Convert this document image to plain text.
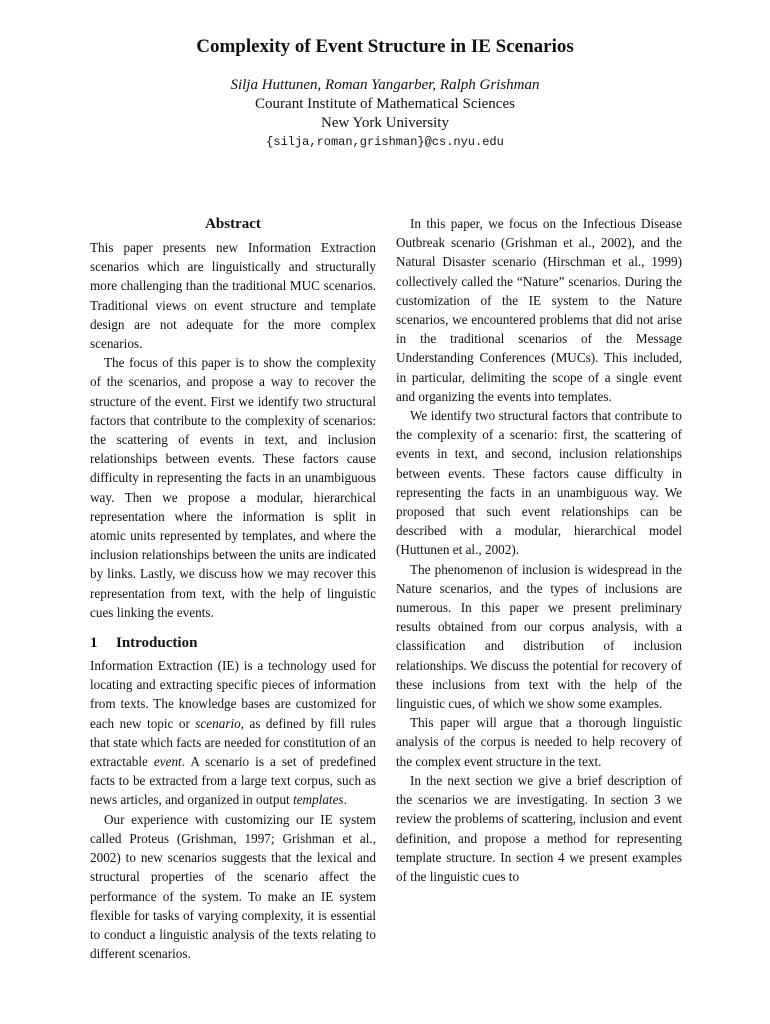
Complexity of Event Structure in IE Scenarios
Silja Huttunen, Roman Yangarber, Ralph Grishman
Courant Institute of Mathematical Sciences
New York University
{silja,roman,grishman}@cs.nyu.edu
Abstract

This paper presents new Information Extraction scenarios which are linguistically and structurally more challenging than the traditional MUC scenarios. Traditional views on event structure and template design are not adequate for the more complex scenarios.

The focus of this paper is to show the complexity of the scenarios, and propose a way to recover the structure of the event. First we identify two structural factors that contribute to the complexity of scenarios: the scattering of events in text, and inclusion relationships between events. These factors cause difficulty in representing the facts in an unambiguous way. Then we propose a modular, hierarchical representation where the information is split in atomic units represented by templates, and where the inclusion relationships between the units are indicated by links. Lastly, we discuss how we may recover this representation from text, with the help of linguistic cues linking the events.

1 Introduction

Information Extraction (IE) is a technology used for locating and extracting specific pieces of information from texts. The knowledge bases are customized for each new topic or scenario, as defined by fill rules that state which facts are needed for constitution of an extractable event. A scenario is a set of predefined facts to be extracted from a large text corpus, such as news articles, and organized in output templates.

Our experience with customizing our IE system called Proteus (Grishman, 1997; Grishman et al., 2002) to new scenarios suggests that the lexical and structural properties of the scenario affect the performance of the system. To make an IE system flexible for tasks of varying complexity, it is essential to conduct a linguistic analysis of the texts relating to different scenarios.

In this paper, we focus on the Infectious Disease Outbreak scenario (Grishman et al., 2002), and the Natural Disaster scenario (Hirschman et al., 1999) collectively called the “Nature” scenarios. During the customization of the IE system to the Nature scenarios, we encountered problems that did not arise in the traditional scenarios of the Message Understanding Conferences (MUCs). This included, in particular, delimiting the scope of a single event and organizing the events into templates.

We identify two structural factors that contribute to the complexity of a scenario: first, the scattering of events in text, and second, inclusion relationships between events. These factors cause difficulty in representing the facts in an unambiguous way. We proposed that such event relationships can be described with a modular, hierarchical model (Huttunen et al., 2002).

The phenomenon of inclusion is widespread in the Nature scenarios, and the types of inclusions are numerous. In this paper we present preliminary results obtained from our corpus analysis, with a classification and distribution of inclusion relationships. We discuss the potential for recovery of these inclusions from text with the help of the linguistic cues, of which we show some examples.

This paper will argue that a thorough linguistic analysis of the corpus is needed to help recovery of the complex event structure in the text.

In the next section we give a brief description of the scenarios we are investigating. In section 3 we review the problems of scattering, inclusion and event definition, and propose a method for representing template structure. In section 4 we present examples of the linguistic cues to
